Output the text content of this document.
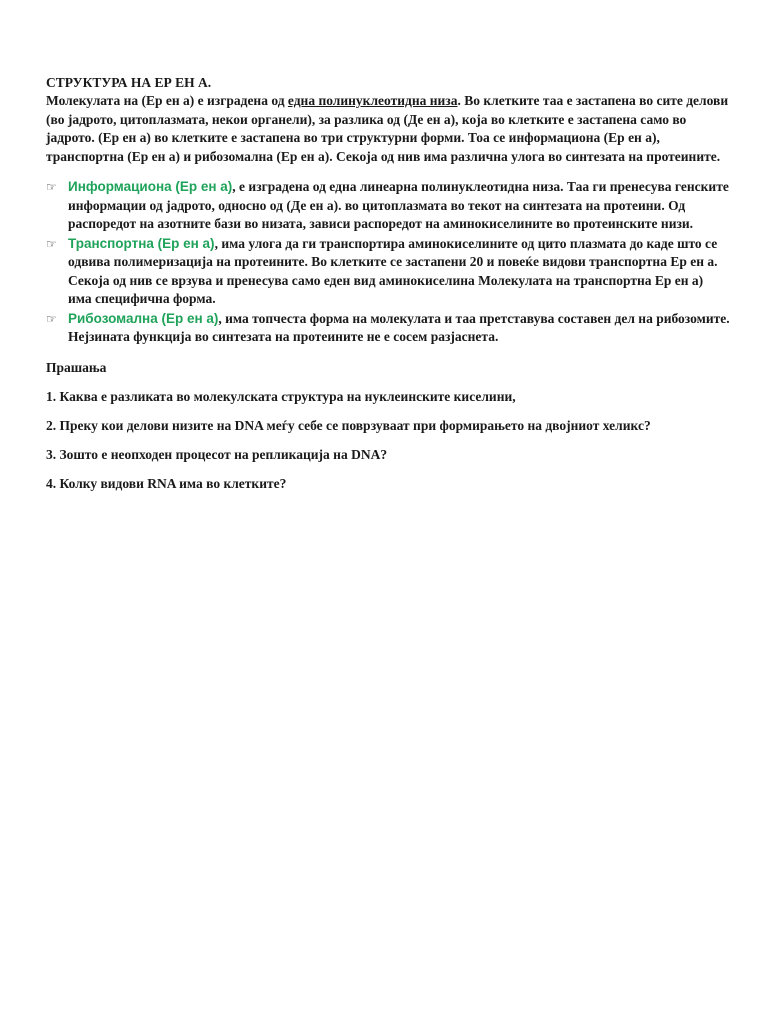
СТРУКТУРА НА ЕР ЕН А.

Молекулата на (Ер ен а) е изградена од една полинуклеотидна низа. Во клетките таа е застапена во сите делови (во јадрото, цитоплазмата, некои органели), за разлика од (Де ен а), која во клетките е застапена само во јадрото. (Ер ен а) во клетките е застапена во три структурни форми. Тоа се информациона (Ер ен а), транспортна (Ер ен а) и рибозомална (Ер ен а). Секоја од нив има различна улога во синтезата на протеините.

☞ Информациона (Ер ен а), е изградена од една линеарна полинуклеотидна низа. Таа ги пренесува генските информации од јадрото, односно од (Де ен а). во цитоплазмата во текот на синтезата на протеини. Од распоредот на азотните бази во низата, зависи распоредот на аминокиселините во протеинските низи.
☞ Транспортна (Ер ен а), има улога да ги транспортира аминокиселините од цито плазмата до каде што се одвива полимеризација на протеините. Во клетките се застапени 20 и повеќе видови транспортна Ер ен а. Секоја од нив се врзува и пренесува само еден вид аминокиселина Молекулата на транспортна Ер ен а) има специфична форма.
☞ Рибозомална (Ер ен а), има топчеста форма на молекулата и таа претставува составен дел на рибозомите. Нејзината функција во синтезата на протеините не е сосем разјаснета.
Прашања
1. Каква е разликата во молекулската структура на нуклеинските киселини,
2. Преку кои делови низите на DNA меѓу себе се поврзуваат при формирањето на двојниот хеликс?
3. Зошто е неопходен процесот на репликација на DNA?
4. Колку видови RNA има во клетките?
